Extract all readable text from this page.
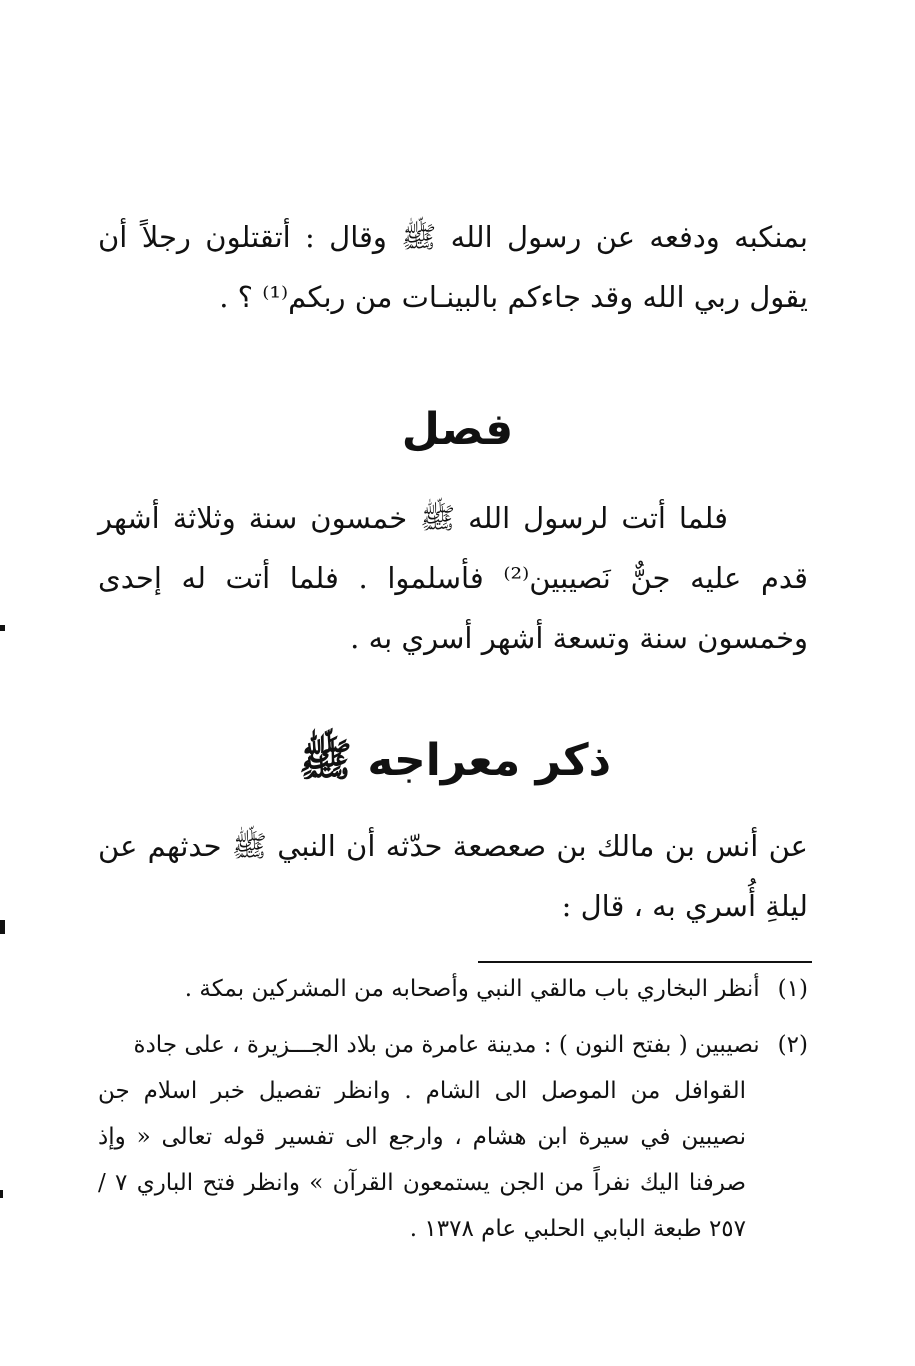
بمنكبه ودفعه عن رسول الله ﷺ وقال : أتقتلون رجلاً أن يقول ربي الله وقد جاءكم بالبينـات من ربكم⁽¹⁾ ؟ .

فصل

فلما أتت لرسول الله ﷺ خمسون سنة وثلاثة أشهر قدم عليه جنٌّ نَصيبين⁽²⁾ فأسلموا . فلما أتت له إحدى وخمسون سنة وتسعة أشهر أسري به .

ذكر معراجه ﷺ

عن أنس بن مالك بن صعصعة حدّثه أن النبي ﷺ حدثهم عن ليلةِ أُسري به ، قال :

(١)أنظر البخاري باب مالقي النبي وأصحابه من المشركين بمكة .

(٢)نصيبين ( بفتح النون ) : مدينة عامرة من بلاد الجـــزيرة ، على جادة
القوافل من الموصل الى الشام . وانظر تفصيل خبر اسلام جن نصيبين في سيرة ابن هشام ، وارجع الى تفسير قوله تعالى « وإذ صرفنا اليك نفراً من الجن يستمعون القرآن » وانظر فتح الباري ٧ / ٢٥٧ طبعة البابي الحلبي عام ١٣٧٨ .
